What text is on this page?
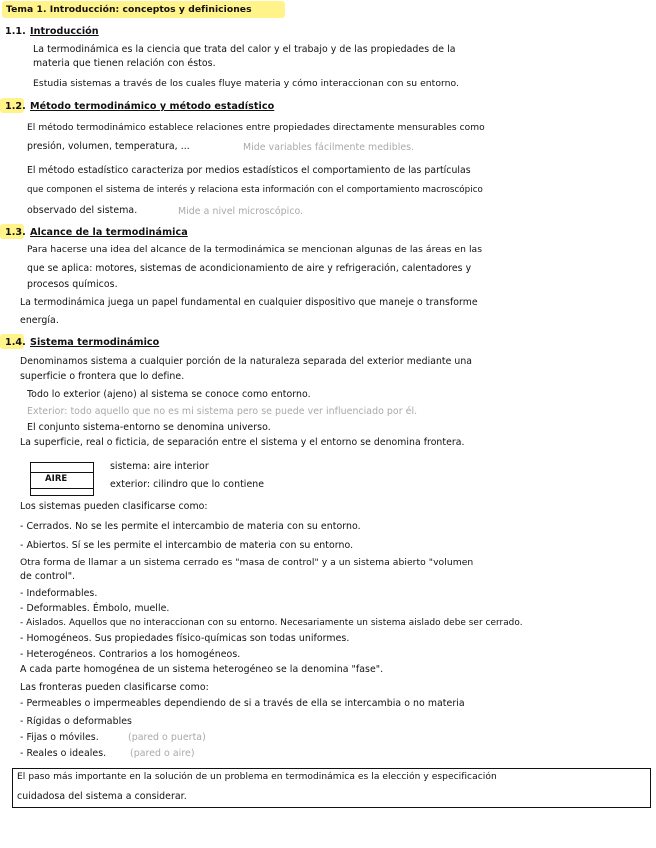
Tema 1. Introducción: conceptos y definiciones
1.1. Introducción
La termodinámica es la ciencia que trata del calor y el trabajo y de las propiedades de la
materia que tienen relación con éstos.
Estudia sistemas a través de los cuales fluye materia y cómo interaccionan con su entorno.
1.2. Método termodinámico y método estadístico
El método termodinámico establece relaciones entre propiedades directamente mensurables como
presión, volumen, temperatura, ...	Mide variables fácilmente medibles.
El método estadístico caracteriza por medios estadísticos el comportamiento de las partículas
que componen el sistema de interés y relaciona esta información con el comportamiento macroscópico
observado del sistema.	Mide a nivel microscópico.
1.3. Alcance de la termodinámica
Para hacerse una idea del alcance de la termodinámica se mencionan algunas de las áreas en las
que se aplica: motores, sistemas de acondicionamiento de aire y refrigeración, calentadores y
procesos químicos.
La termodinámica juega un papel fundamental en cualquier dispositivo que maneje o transforme
energía.
1.4. Sistema termodinámico
Denominamos sistema a cualquier porción de la naturaleza separada del exterior mediante una
superficie o frontera que lo define.
Todo lo exterior (ajeno) al sistema se conoce como entorno.
Exterior: todo aquello que no es mi sistema pero se puede ver influenciado por él.
El conjunto sistema-entorno se denomina universo.
La superficie, real o ficticia, de separación entre el sistema y el entorno se denomina frontera.
AIRE
sistema: aire interior
exterior: cilindro que lo contiene
Los sistemas pueden clasificarse como:
- Cerrados. No se les permite el intercambio de materia con su entorno.
- Abiertos. Sí se les permite el intercambio de materia con su entorno.
Otra forma de llamar a un sistema cerrado es "masa de control" y a un sistema abierto "volumen
de control".
- Indeformables.
- Deformables. Émbolo, muelle.
- Aislados. Aquellos que no interaccionan con su entorno. Necesariamente un sistema aislado debe ser cerrado.
- Homogéneos. Sus propiedades físico-químicas son todas uniformes.
- Heterogéneos. Contrarios a los homogéneos.
A cada parte homogénea de un sistema heterogéneo se la denomina "fase".
Las fronteras pueden clasificarse como:
- Permeables o impermeables dependiendo de si a través de ella se intercambia o no materia
- Rígidas o deformables
- Fijas o móviles.	(pared o puerta)
- Reales o ideales.	(pared o aire)
El paso más importante en la solución de un problema en termodinámica es la elección y especificación
cuidadosa del sistema a considerar.
